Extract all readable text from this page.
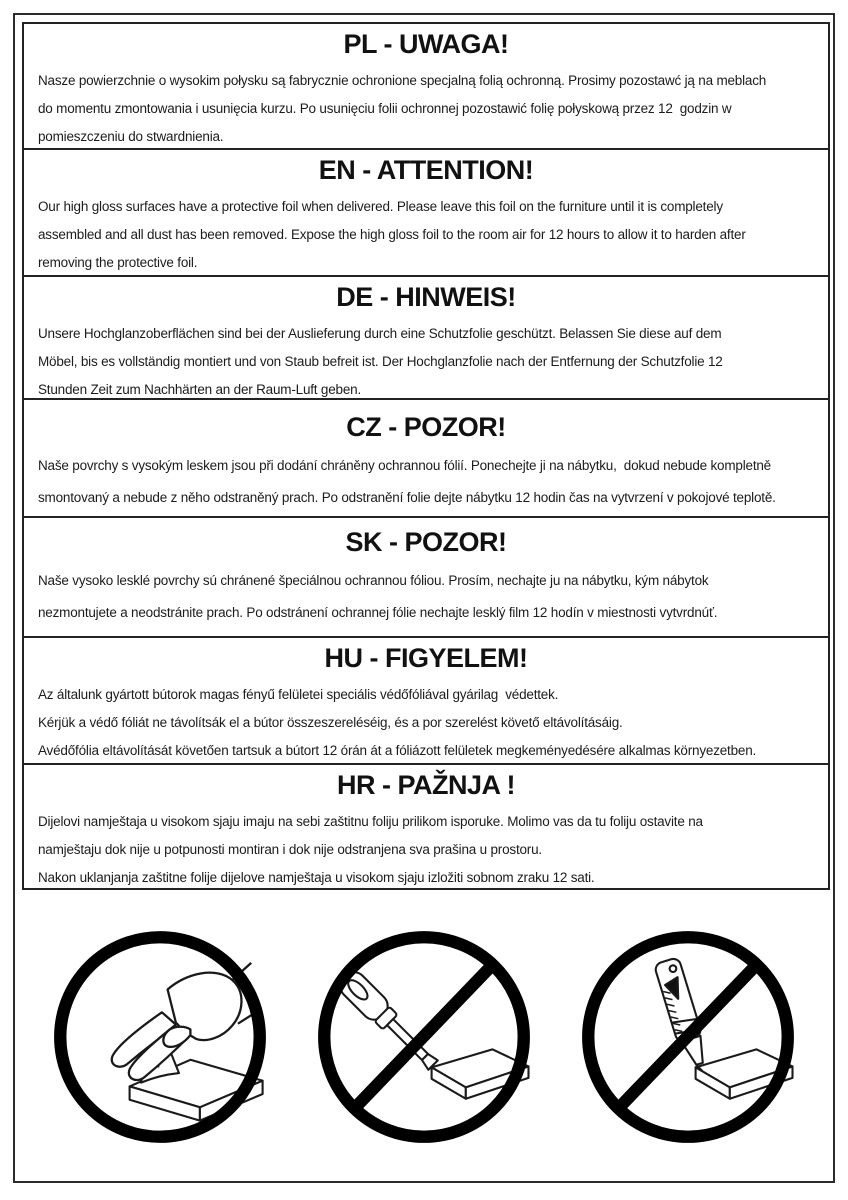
PL - UWAGA!

Nasze powierzchnie o wysokim połysku są fabrycznie ochronione specjalną folią ochronną. Prosimy pozostawć ją na meblach

do momentu zmontowania i usunięcia kurzu. Po usunięciu folii ochronnej pozostawić folię połyskową przez 12  godzin w

pomieszczeniu do stwardnienia.

EN - ATTENTION!

Our high gloss surfaces have a protective foil when delivered. Please leave this foil on the furniture until it is completely

assembled and all dust has been removed. Expose the high gloss foil to the room air for 12 hours to allow it to harden after

removing the protective foil.

DE - HINWEIS!

Unsere Hochglanzoberflächen sind bei der Auslieferung durch eine Schutzfolie geschützt. Belassen Sie diese auf dem

Möbel, bis es vollständig montiert und von Staub befreit ist. Der Hochglanzfolie nach der Entfernung der Schutzfolie 12

Stunden Zeit zum Nachhärten an der Raum-Luft geben.

CZ - POZOR!

Naše povrchy s vysokým leskem jsou při dodání chráněny ochrannou fólií. Ponechejte ji na nábytku,  dokud nebude kompletně

smontovaný a nebude z něho odstraněný prach. Po odstranění folie dejte nábytku 12 hodin čas na vytvrzení v pokojové teplotě.

SK - POZOR!

Naše vysoko lesklé povrchy sú chránené špeciálnou ochrannou fóliou. Prosím, nechajte ju na nábytku, kým nábytok

nezmontujete a neodstránite prach. Po odstránení ochrannej fólie nechajte lesklý film 12 hodín v miestnosti vytvrdnúť.

HU - FIGYELEM!

Az általunk gyártott bútorok magas fényű felületei speciális védőfóliával gyárilag  védettek.

Kérjük a védő fóliát ne távolítsák el a bútor összeszereléséig, és a por szerelést követő eltávolításáig.

Avédőfólia eltávolítását követően tartsuk a bútort 12 órán át a fóliázott felületek megkeményedésére alkalmas környezetben.

HR - PAŽNJA !

Dijelovi namještaja u visokom sjaju imaju na sebi zaštitnu foliju prilikom isporuke. Molimo vas da tu foliju ostavite na

namještaju dok nije u potpunosti montiran i dok nije odstranjena sva prašina u prostoru.

Nakon uklanjanja zaštitne folije dijelove namještaja u visokom sjaju izložiti sobnom zraku 12 sati.
